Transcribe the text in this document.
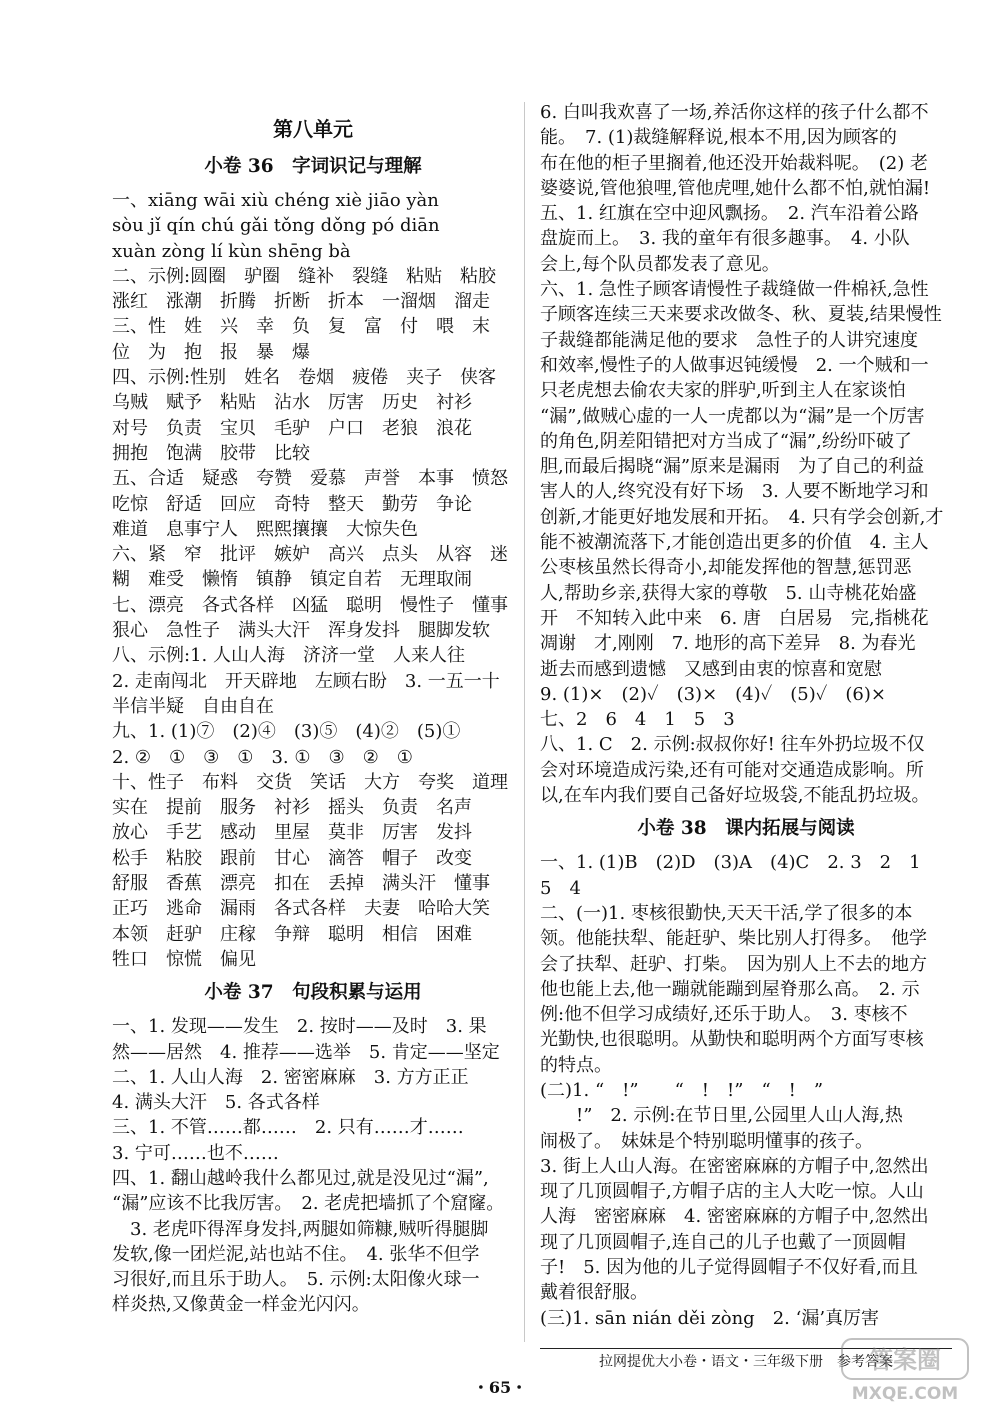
第八单元
小卷 36　字词识记与理解
一、xiāng wāi xiù chéng xiè jiāo yàn
sòu jǐ qín chú gǎi tǒng dǒng pó diān
xuàn zòng lí kùn shēng bà
二、示例:圆圈　驴圈　缝补　裂缝　粘贴　粘胶
涨红　涨潮　折腾　折断　折本　一溜烟　溜走
三、性　姓　兴　幸　负　复　富　付　喂　末
位　为　抱　报　暴　爆
四、示例:性别　姓名　卷烟　疲倦　夹子　侠客
乌贼　赋予　粘贴　沾水　厉害　历史　衬衫
对号　负责　宝贝　毛驴　户口　老狼　浪花
拥抱　饱满　胶带　比较
五、合适　疑惑　夸赞　爱慕　声誉　本事　愤怒
吃惊　舒适　回应　奇特　整天　勤劳　争论
难道　息事宁人　熙熙攘攘　大惊失色
六、紧　窄　批评　嫉妒　高兴　点头　从容　迷
糊　难受　懒惰　镇静　镇定自若　无理取闹
七、漂亮　各式各样　凶猛　聪明　慢性子　懂事
狠心　急性子　满头大汗　浑身发抖　腿脚发软
八、示例:1. 人山人海　济济一堂　人来人往
2. 走南闯北　开天辟地　左顾右盼　3. 一五一十
半信半疑　自由自在
九、1. (1)⑦　(2)④　(3)⑤　(4)②　(5)①
2. ②　①　③　①　3. ①　③　②　①
十、性子　布料　交货　笑话　大方　夸奖　道理
实在　提前　服务　衬衫　摇头　负责　名声
放心　手艺　感动　里屋　莫非　厉害　发抖
松手　粘胶　跟前　甘心　滴答　帽子　改变
舒服　香蕉　漂亮　扣在　丢掉　满头汗　懂事
正巧　逃命　漏雨　各式各样　夫妻　哈哈大笑
本领　赶驴　庄稼　争辩　聪明　相信　困难
牲口　惊慌　偏见
小卷 37　句段积累与运用
一、1. 发现——发生　2. 按时——及时　3. 果
然——居然　4. 推荐——选举　5. 肯定——坚定
二、1. 人山人海　2. 密密麻麻　3. 方方正正
4. 满头大汗　5. 各式各样
三、1. 不管……都……　2. 只有……才……
3. 宁可……也不……
四、1. 翻山越岭我什么都见过,就是没见过“漏”,
“漏”应该不比我厉害。　2. 老虎把墙抓了个窟窿。
　3. 老虎吓得浑身发抖,两腿如筛糠,贼听得腿脚
发软,像一团烂泥,站也站不住。　4. 张华不但学
习很好,而且乐于助人。　5. 示例:太阳像火球一
样炎热,又像黄金一样金光闪闪。
6. 白叫我欢喜了一场,养活你这样的孩子什么都不
能。　7. (1)裁缝解释说,根本不用,因为顾客的
布在他的柜子里搁着,他还没开始裁料呢。　(2) 老
婆婆说,管他狼哩,管他虎哩,她什么都不怕,就怕漏!
五、1. 红旗在空中迎风飘扬。　2. 汽车沿着公路
盘旋而上。　3. 我的童年有很多趣事。　4. 小队
会上,每个队员都发表了意见。
六、1. 急性子顾客请慢性子裁缝做一件棉袄,急性
子顾客连续三天来要求改做冬、秋、夏装,结果慢性
子裁缝都能满足他的要求　急性子的人讲究速度
和效率,慢性子的人做事迟钝缓慢　2. 一个贼和一
只老虎想去偷农夫家的胖驴,听到主人在家谈怕
“漏”,做贼心虚的一人一虎都以为“漏”是一个厉害
的角色,阴差阳错把对方当成了“漏”,纷纷吓破了
胆,而最后揭晓“漏”原来是漏雨　为了自己的利益
害人的人,终究没有好下场　3. 人要不断地学习和
创新,才能更好地发展和开拓。　4. 只有学会创新,才
能不被潮流落下,才能创造出更多的价值　4. 主人
公枣核虽然长得奇小,却能发挥他的智慧,惩罚恶
人,帮助乡亲,获得大家的尊敬　5. 山寺桃花始盛
开　不知转入此中来　6. 唐　白居易　完,指桃花
凋谢　才,刚刚　7. 地形的高下差异　8. 为春光
逝去而感到遗憾　又感到由衷的惊喜和宽慰
9. (1)×　(2)✓　(3)×　(4)✓　(5)✓　(6)×
七、2　6　4　1　5　3
八、1. C　2. 示例:叔叔你好! 往车外扔垃圾不仅
会对环境造成污染,还有可能对交通造成影响。所
以,在车内我们要自己备好垃圾袋,不能乱扔垃圾。
小卷 38　课内拓展与阅读
一、1. (1)B　(2)D　(3)A　(4)C　2. 3　2　1
5　4
二、(一)1. 枣核很勤快,天天干活,学了很多的本
领。他能扶犁、能赶驴、柴比别人打得多。　他学
会了扶犁、赶驴、打柴。　因为别人上不去的地方
他也能上去,他一蹦就能蹦到屋脊那么高。　2. 示
例:他不但学习成绩好,还乐于助人。　3. 枣核不
光勤快,也很聪明。从勤快和聪明两个方面写枣核
的特点。
(二)1. “　!”　　“　!　!”　“　!　”
　　!”　2. 示例:在节日里,公园里人山人海,热
闹极了。　妹妹是个特别聪明懂事的孩子。
3. 街上人山人海。在密密麻麻的方帽子中,忽然出
现了几顶圆帽子,方帽子店的主人大吃一惊。人山
人海　密密麻麻　4. 密密麻麻的方帽子中,忽然出
现了几顶圆帽子,连自己的儿子也戴了一顶圆帽
子!　5. 因为他的儿子觉得圆帽子不仅好看,而且
戴着很舒服。
(三)1. sān nián děi zòng　2. ‘漏’真厉害
拉网提优大小卷・语文・三年级下册　参考答案
・65・
答案圈
MXQE.COM
